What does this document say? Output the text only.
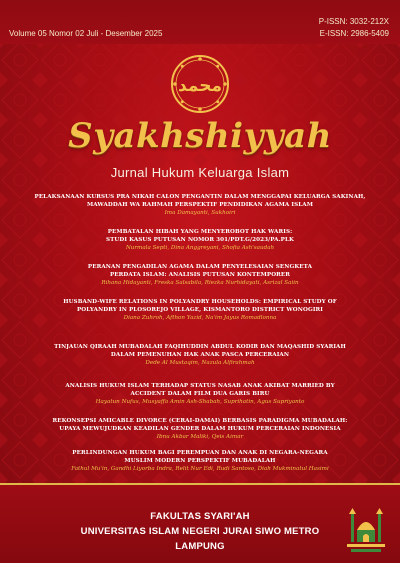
Volume 05 Nomor 02 Juli - Desember 2025
P-ISSN: 3032-212X
E-ISSN: 2986-5409
محمد
Syakhshiyyah
Jurnal Hukum Keluarga Islam
PELAKSANAAN KURSUS PRA NIKAH CALON PENGANTIN DALAM MENGGAPAI KELUARGA SAKINAH,
MAWADDAH WA RAHMAH PERSPEKTIF PENDIDIKAN AGAMA ISLAM
Ima Damayanti, Sukhoiri
PEMBATALAN HIBAH YANG MENYEROBOT HAK WARIS:
STUDI KASUS PUTUSAN NOMOR 301/PDT.G/2023/PA.PLK
Nurmala Septi, Dina Anggreyani, Shofia Ash'saudah
PERANAN PENGADILAN AGAMA DALAM PENYELESAIAN SENGKETA
PERDATA ISLAM: ANALISIS PUTUSAN KONTEMPORER
Rihana Hidayanti, Freska Salsabila, Riezka Nurhidayati, Asrizal Saiin
HUSBAND-WIFE RELATIONS IN POLYANDRY HOUSEHOLDS: EMPIRICAL STUDY OF
POLYANDRY IN PLOSOREJO VILLAGE, KISMANTORO DISTRICT WONOGIRI
Diana Zuhroh, Afthon Yazid, Na'im Jayus Romadlonna
TINJAUAN QIRAAH MUBADALAH FAQIHUDDIN ABDUL KODIR DAN MAQASHID SYARIAH
DALAM PEMENUHAN HAK ANAK PASCA PERCERAIAN
Dede Al Mustaqim, Nazula Alfirahmah
ANALISIS HUKUM ISLAM TERHADAP STATUS NASAB ANAK AKIBAT MARRIED BY
ACCIDENT DALAM FILM DUA GARIS BIRU
Hayatun Nufus, Musyaffa Amin Ash-Shabah, Suprihatin, Agus Supriyanto
REKONSEPSI AMICABLE DIVORCE (CERAI-DAMAI) BERBASIS PARADIGMA MUBADALAH:
UPAYA MEWUJUDKAN KEADILAN GENDER DALAM HUKUM PERCERAIAN INDONESIA
Ibnu Akbar Maliki, Qeis Aimar
PERLINDUNGAN HUKUM BAGI PEREMPUAN DAN ANAK DI NEGARA-NEGARA
MUSLIM MODERN PERSPEKTIF MUBADALAH
Fathul Mu'in, Gandhi Liyorba Indra, Relit Nur Edi, Rudi Santoso, Diah Mukminatul Hasimi
FAKULTAS SYARI'AH
UNIVERSITAS ISLAM NEGERI JURAI SIWO METRO
LAMPUNG
